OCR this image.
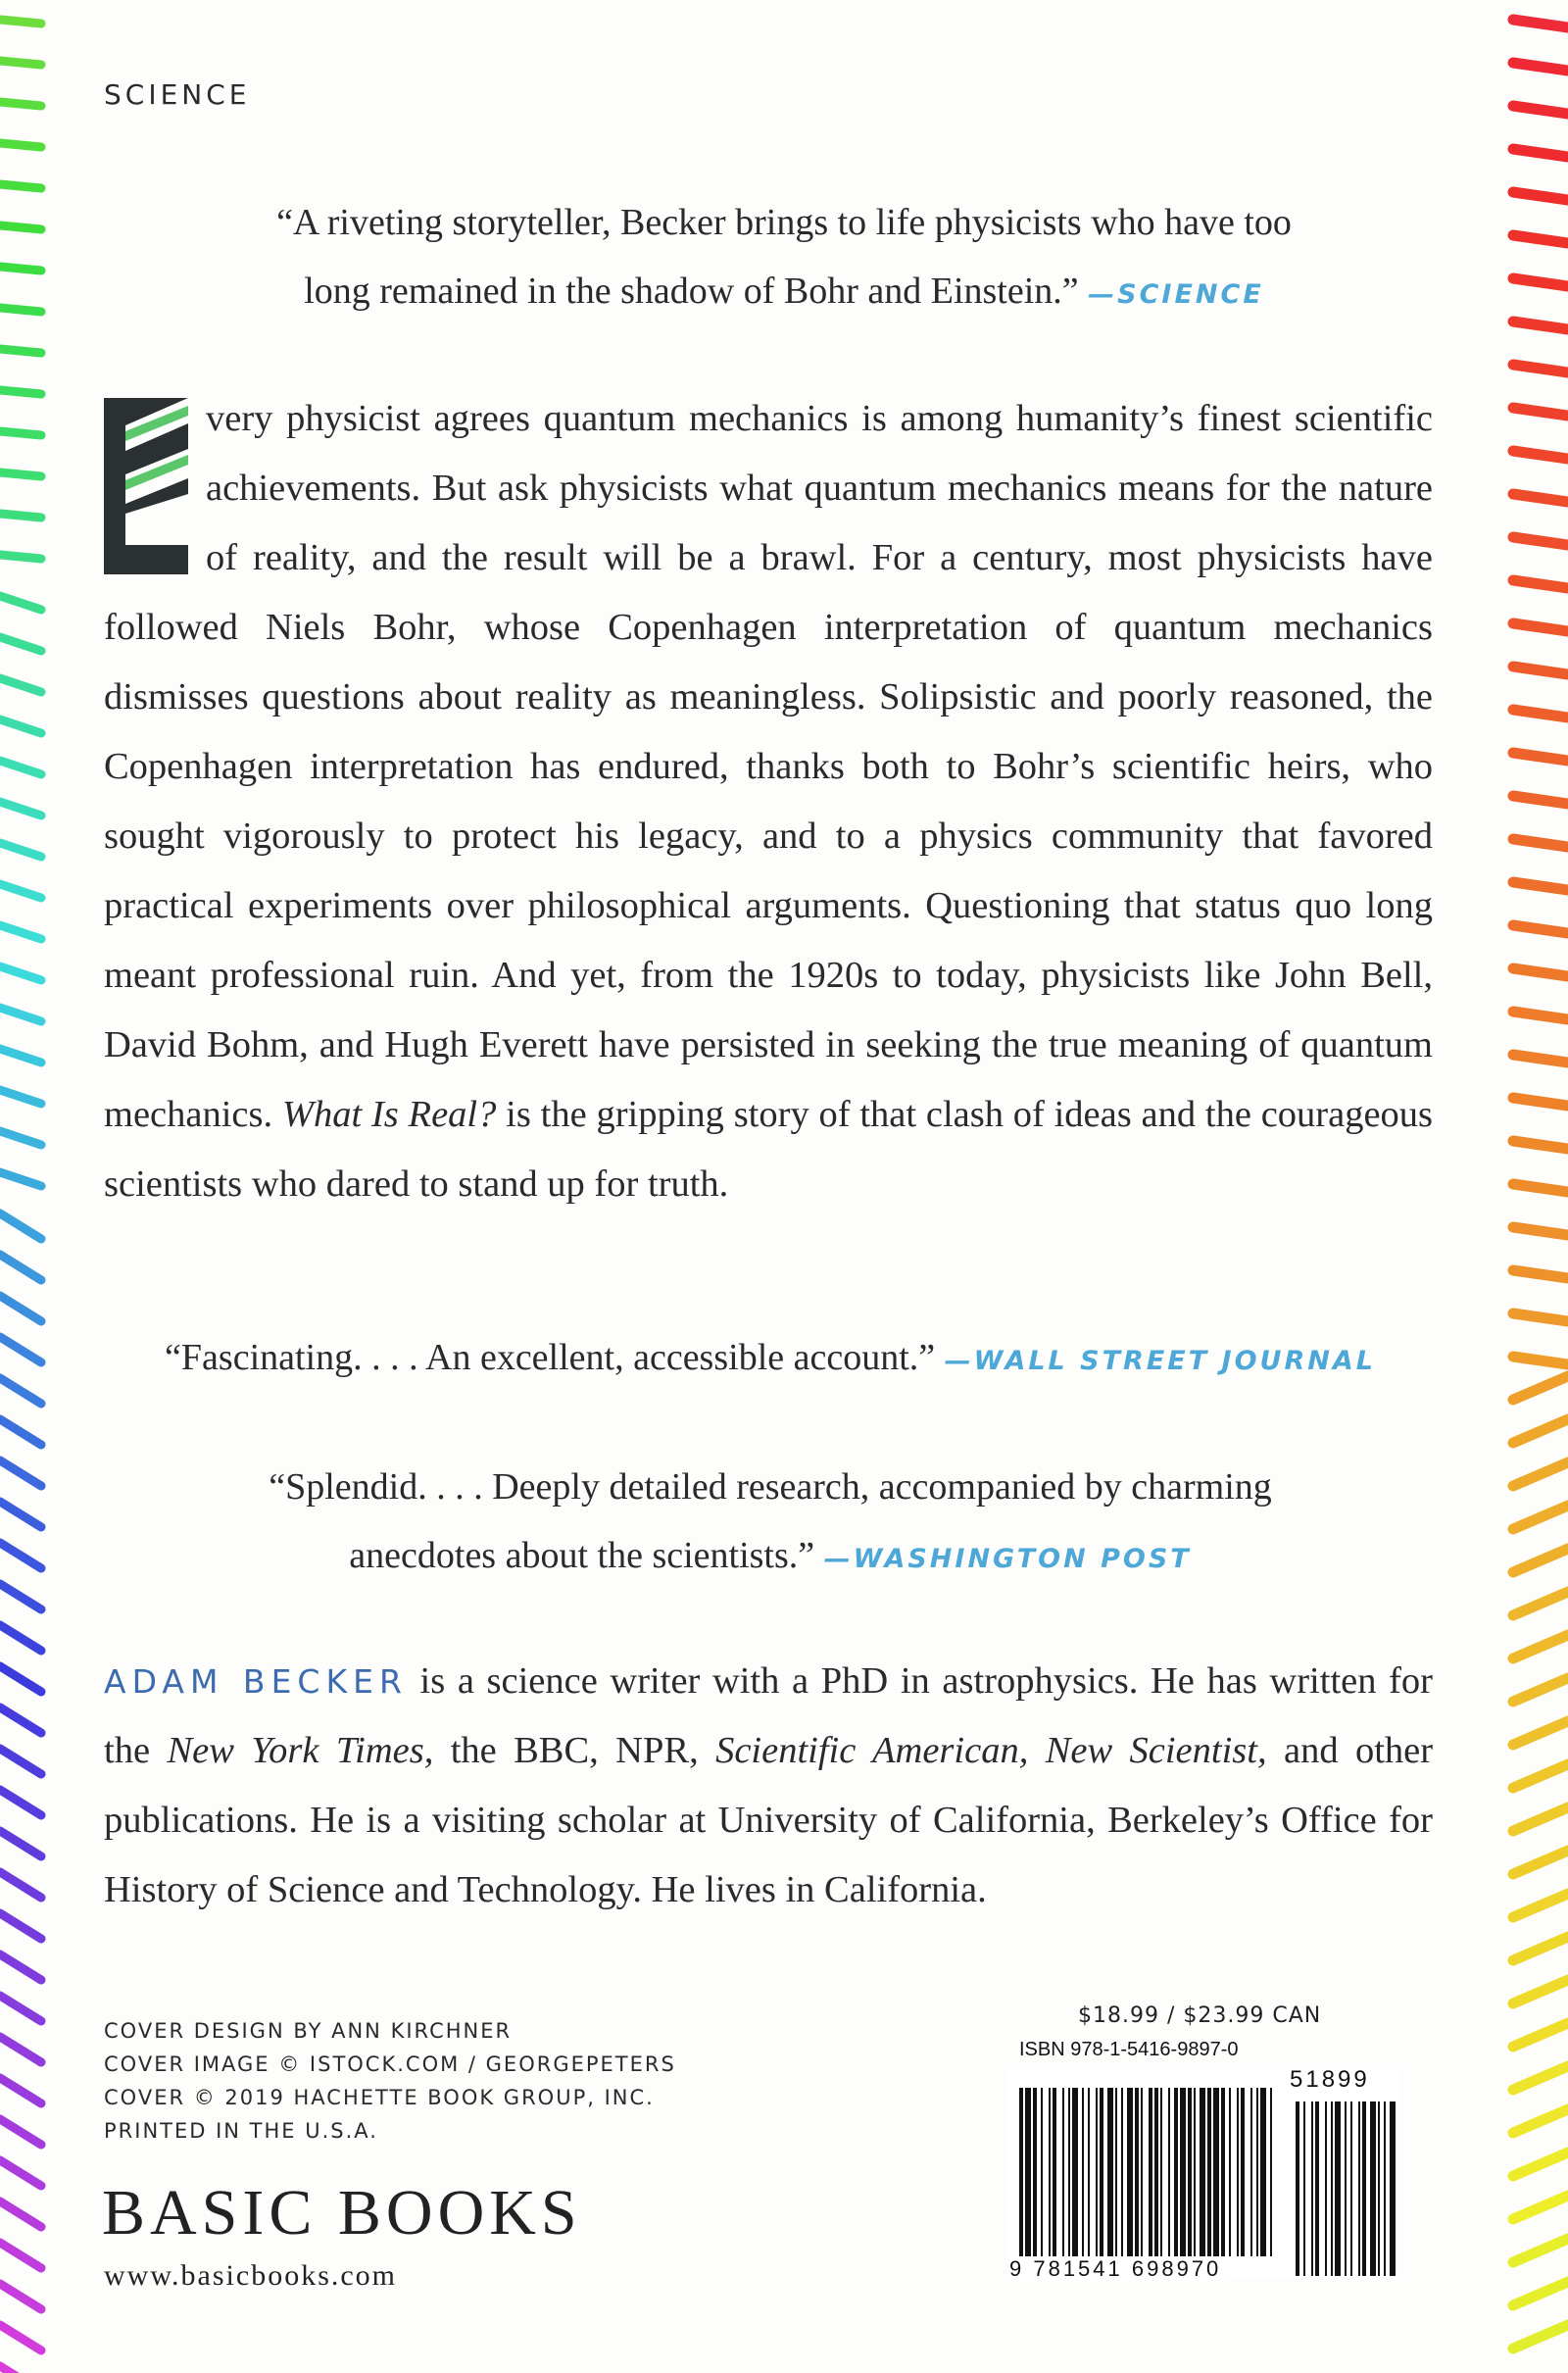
SCIENCE
“A riveting storyteller, Becker brings to life physicists who have too
long remained in the shadow of Bohr and Einstein.” —SCIENCE
very physicist agrees quantum mechanics is among humanity’s finest scientific achievements. But ask physicists what quantum mechanics means for the nature of reality, and the result will be a brawl. For a century, most physicists have followed Niels Bohr, whose Copenhagen interpretation of quantum mechanics dismisses questions about reality as meaningless. Solipsistic and poorly reasoned, the Copenhagen interpretation has endured, thanks both to Bohr’s scientific heirs, who sought vigorously to protect his legacy, and to a physics community that favored practical experiments over philosophical arguments. Questioning that status quo long meant professional ruin. And yet, from the 1920s to today, physicists like John Bell, David Bohm, and Hugh Everett have persisted in seeking the true meaning of quantum mechanics. What Is Real? is the gripping story of that clash of ideas and the courageous scientists who dared to stand up for truth.
“Fascinating. . . . An excellent, accessible account.” —WALL STREET JOURNAL
“Splendid. . . . Deeply detailed research, accompanied by charming
anecdotes about the scientists.” —WASHINGTON POST
ADAM BECKER is a science writer with a PhD in astrophysics. He has written for the New York Times, the BBC, NPR, Scientific American, New Scientist, and other publications. He is a visiting scholar at University of California, Berkeley’s Office for History of Science and Technology. He lives in California.
COVER DESIGN BY ANN KIRCHNER
COVER IMAGE © ISTOCK.COM / GEORGEPETERS
COVER © 2019 HACHETTE BOOK GROUP, INC.
PRINTED IN THE U.S.A.
BASIC BOOKS
www.basicbooks.com
$18.99 / $23.99 CAN
ISBN 978-1-5416-9897-0
51899
9 781541 698970
